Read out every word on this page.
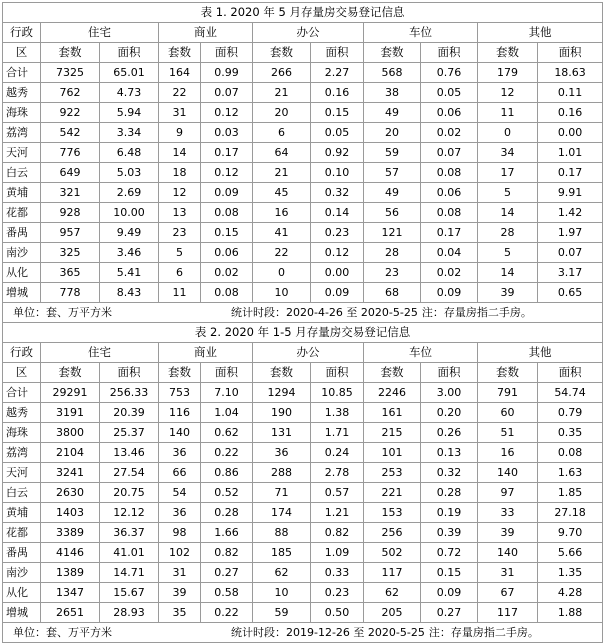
表 1. 2020 年 5 月存量房交易登记信息										
行政	住宅		商业		办公		车位		其他	
区	套数	面积	套数	面积	套数	面积	套数	面积	套数	面积
合计	7325	65.01	164	0.99	266	2.27	568	0.76	179	18.63
越秀	762	4.73	22	0.07	21	0.16	38	0.05	12	0.11
海珠	922	5.94	31	0.12	20	0.15	49	0.06	11	0.16
荔湾	542	3.34	9	0.03	6	0.05	20	0.02	0	0.00
天河	776	6.48	14	0.17	64	0.92	59	0.07	34	1.01
白云	649	5.03	18	0.12	21	0.10	57	0.08	17	0.17
黄埔	321	2.69	12	0.09	45	0.32	49	0.06	5	9.91
花都	928	10.00	13	0.08	16	0.14	56	0.08	14	1.42
番禺	957	9.49	23	0.15	41	0.23	121	0.17	28	1.97
南沙	325	3.46	5	0.06	22	0.12	28	0.04	5	0.07
从化	365	5.41	6	0.02	0	0.00	23	0.02	14	3.17
增城	778	8.43	11	0.08	10	0.09	68	0.09	39	0.65
单位：套、万平方米 统计时段：2020-4-26 至 2020-5-25 注：存量房指二手房。										
表 2. 2020 年 1-5 月存量房交易登记信息										
行政	住宅		商业		办公		车位		其他	
区	套数	面积	套数	面积	套数	面积	套数	面积	套数	面积
合计	29291	256.33	753	7.10	1294	10.85	2246	3.00	791	54.74
越秀	3191	20.39	116	1.04	190	1.38	161	0.20	60	0.79
海珠	3800	25.37	140	0.62	131	1.71	215	0.26	51	0.35
荔湾	2104	13.46	36	0.22	36	0.24	101	0.13	16	0.08
天河	3241	27.54	66	0.86	288	2.78	253	0.32	140	1.63
白云	2630	20.75	54	0.52	71	0.57	221	0.28	97	1.85
黄埔	1403	12.12	36	0.28	174	1.21	153	0.19	33	27.18
花都	3389	36.37	98	1.66	88	0.82	256	0.39	39	9.70
番禺	4146	41.01	102	0.82	185	1.09	502	0.72	140	5.66
南沙	1389	14.71	31	0.27	62	0.33	117	0.15	31	1.35
从化	1347	15.67	39	0.58	10	0.23	62	0.09	67	4.28
增城	2651	28.93	35	0.22	59	0.50	205	0.27	117	1.88
单位：套、万平方米 统计时段：2019-12-26 至 2020-5-25 注：存量房指二手房。										
